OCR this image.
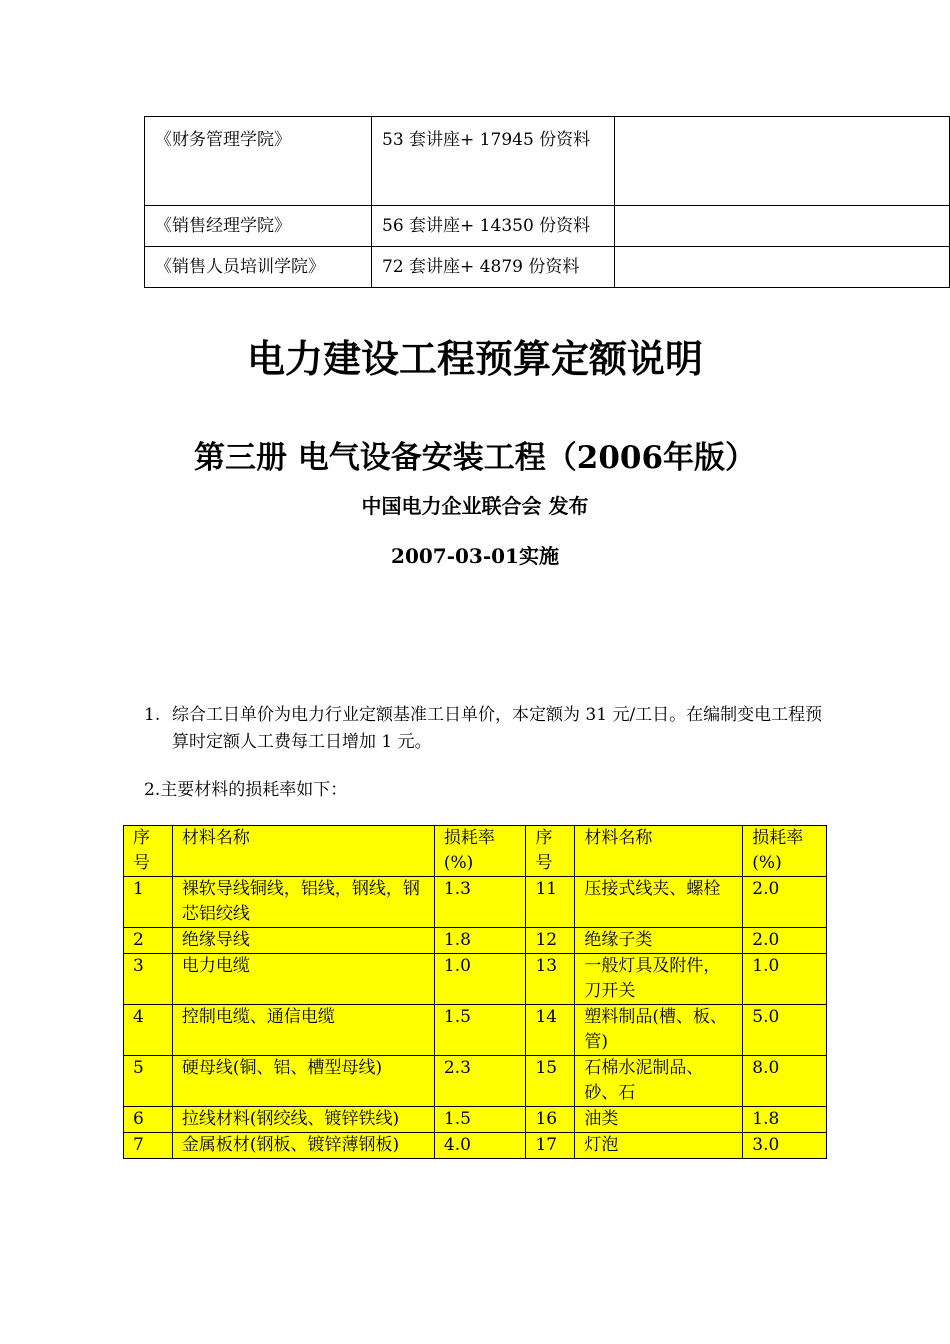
《财务管理学院》	53 套讲座+ 17945 份资料	
《销售经理学院》	56 套讲座+ 14350 份资料	
《销售人员培训学院》	72 套讲座+ 4879 份资料	
电力建设工程预算定额说明
第三册 电气设备安装工程（2006年版）
中国电力企业联合会 发布
2007-03-01实施
1. 综合工日单价为电力行业定额基准工日单价，本定额为 31 元/工日。在编制变电工程预算时定额人工费每工日增加 1 元。
2.主要材料的损耗率如下：
序号	材料名称	损耗率(%)	序号	材料名称	损耗率(%)
1	裸软导线铜线，铝线，钢线，钢芯铝绞线	1.3	11	压接式线夹、螺栓	2.0
2	绝缘导线	1.8	12	绝缘子类	2.0
3	电力电缆	1.0	13	一般灯具及附件，刀开关	1.0
4	控制电缆、通信电缆	1.5	14	塑料制品(槽、板、管)	5.0
5	硬母线(铜、铝、槽型母线)	2.3	15	石棉水泥制品、砂、石	8.0
6	拉线材料(钢绞线、镀锌铁线)	1.5	16	油类	1.8
7	金属板材(钢板、镀锌薄钢板)	4.0	17	灯泡	3.0
